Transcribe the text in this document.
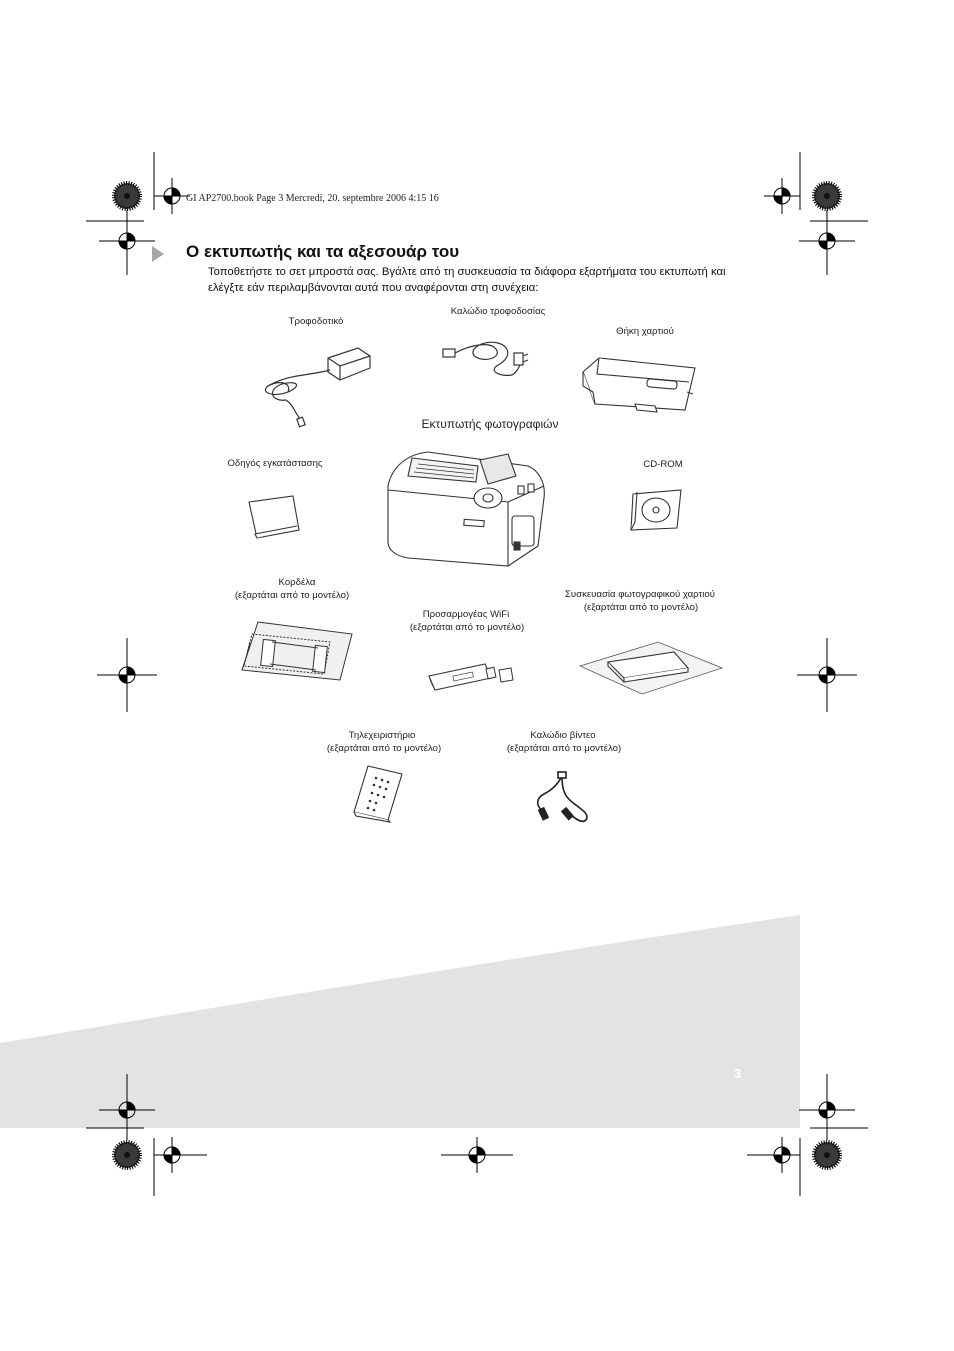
GI AP2700.book Page 3 Mercredi, 20. septembre 2006 4:15 16
Ο εκτυπωτής και τα αξεσουάρ του

Τοποθετήστε το σετ μπροστά σας. Βγάλτε από τη συσκευασία τα διάφορα εξαρτήματα του εκτυπωτή και

ελέγξτε εάν περιλαμβάνονται αυτά που αναφέρονται στη συνέχεια:

Τροφοδοτικό
Καλώδιο τροφοδοσίας
Θήκη χαρτιού
Εκτυπωτής φωτογραφιών
Οδηγός εγκατάστασης	CD-ROM
Κορδέλα
(εξαρτάται από το μοντέλο)
Προσαρμογέας WiFi
(εξαρτάται από το μοντέλο)
Συσκευασία φωτογραφικού χαρτιού
(εξαρτάται από το μοντέλο)
Τηλεχειριστήριο
(εξαρτάται από το μοντέλο)
Καλώδιο βίντεο
(εξαρτάται από το μοντέλο)
3
